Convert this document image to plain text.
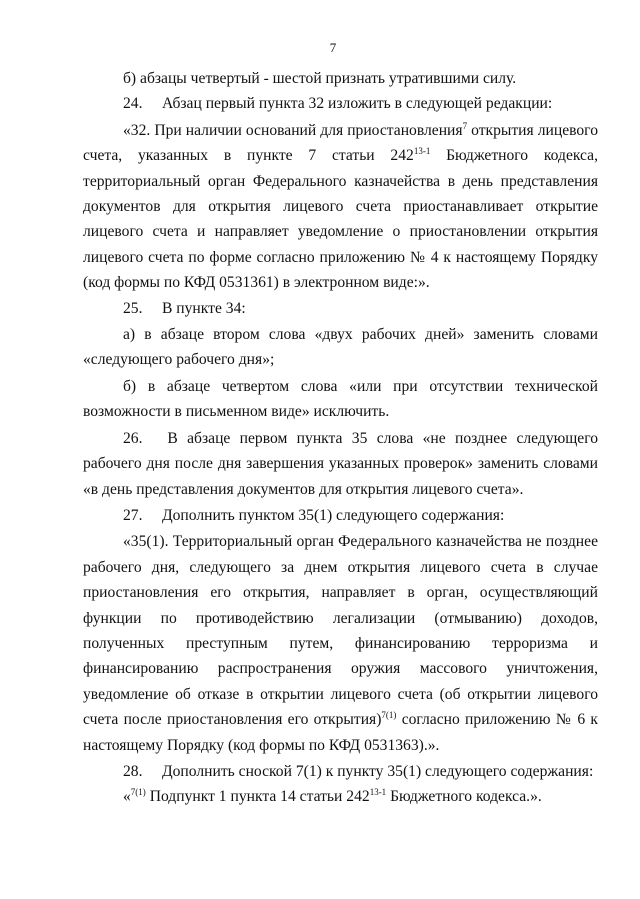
7

б) абзацы четвертый - шестой признать утратившими силу.

24.  Абзац первый пункта 32 изложить в следующей редакции:

«32. При наличии оснований для приостановления$^7$ открытия лицевого счета, указанных в пункте 7 статьи 242$^{13-1}$ Бюджетного кодекса, территориальный орган Федерального казначейства в день представления документов для открытия лицевого счета приостанавливает открытие лицевого счета и направляет уведомление о приостановлении открытия лицевого счета по форме согласно приложению № 4 к настоящему Порядку (код формы по КФД 0531361) в электронном виде:».

25.  В пункте 34:

а) в абзаце втором слова «двух рабочих дней» заменить словами «следующего рабочего дня»;

б) в абзаце четвертом слова «или при отсутствии технической возможности в письменном виде» исключить.

26.  В абзаце первом пункта 35 слова «не позднее следующего рабочего дня после дня завершения указанных проверок» заменить словами «в день представления документов для открытия лицевого счета».

27.  Дополнить пунктом 35(1) следующего содержания:

«35(1). Территориальный орган Федерального казначейства не позднее рабочего дня, следующего за днем открытия лицевого счета в случае приостановления его открытия, направляет в орган, осуществляющий функции по противодействию легализации (отмыванию) доходов, полученных преступным путем, финансированию терроризма и финансированию распространения оружия массового уничтожения, уведомление об отказе в открытии лицевого счета (об открытии лицевого счета после приостановления его открытия)$^{7(1)}$ согласно приложению № 6 к настоящему Порядку (код формы по КФД 0531363).».

28.  Дополнить сноской 7(1) к пункту 35(1) следующего содержания:

«$^{7(1)}$ Подпункт 1 пункта 14 статьи 242$^{13-1}$ Бюджетного кодекса.».
